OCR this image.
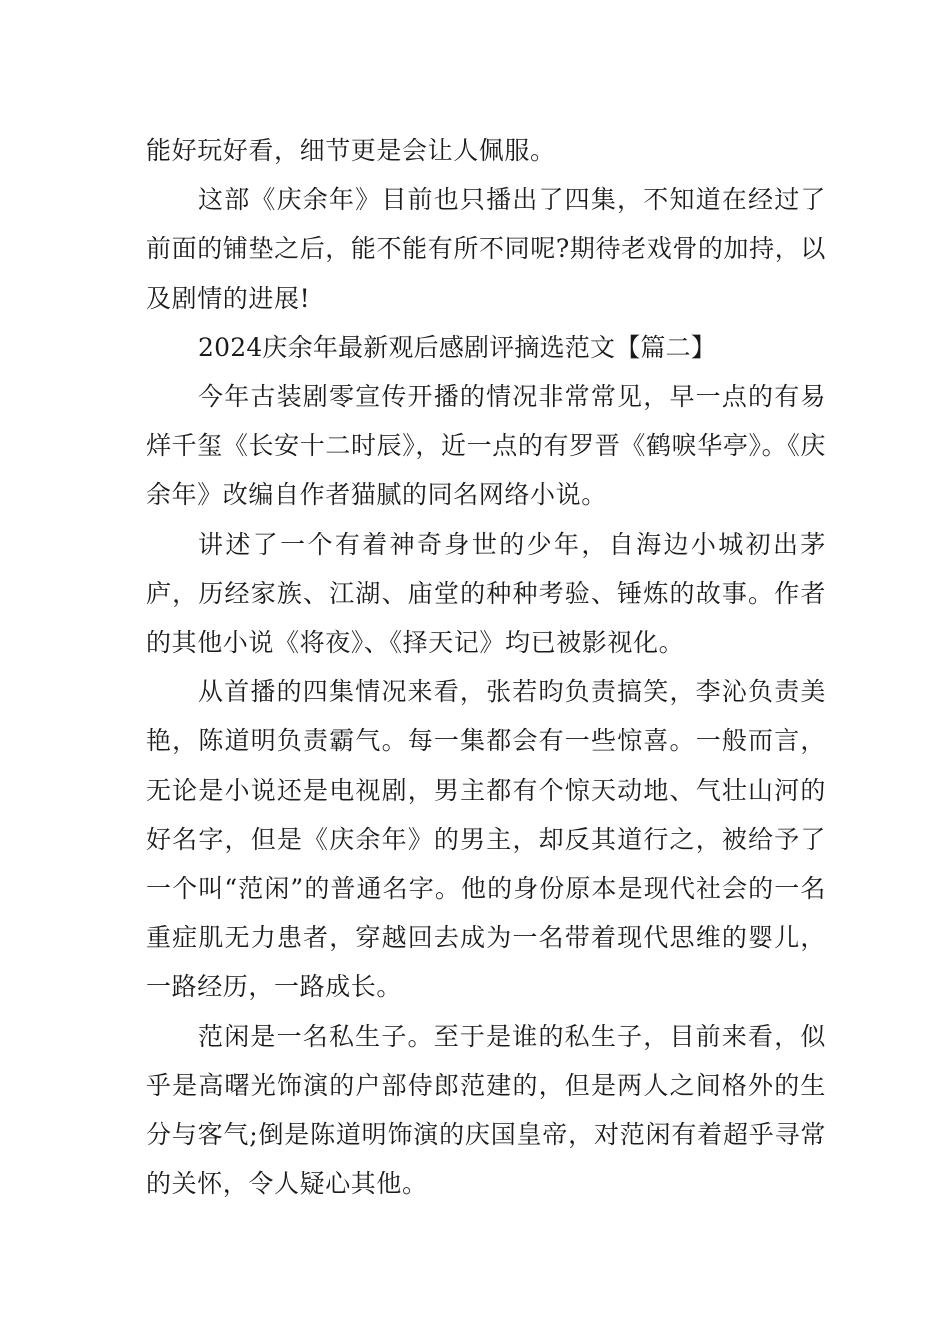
能好玩好看，细节更是会让人佩服。

这部《庆余年》目前也只播出了四集，不知道在经过了前面的铺垫之后，能不能有所不同呢?期待老戏骨的加持，以及剧情的进展!

2024庆余年最新观后感剧评摘选范文【篇二】

今年古装剧零宣传开播的情况非常常见，早一点的有易烊千玺《长安十二时辰》，近一点的有罗晋《鹤唳华亭》。《庆余年》改编自作者猫腻的同名网络小说。

讲述了一个有着神奇身世的少年，自海边小城初出茅庐，历经家族、江湖、庙堂的种种考验、锤炼的故事。作者的其他小说《将夜》、《择天记》均已被影视化。

从首播的四集情况来看，张若昀负责搞笑，李沁负责美艳，陈道明负责霸气。每一集都会有一些惊喜。一般而言，无论是小说还是电视剧，男主都有个惊天动地、气壮山河的好名字，但是《庆余年》的男主，却反其道行之，被给予了一个叫“范闲”的普通名字。他的身份原本是现代社会的一名重症肌无力患者，穿越回去成为一名带着现代思维的婴儿，一路经历，一路成长。

范闲是一名私生子。至于是谁的私生子，目前来看，似乎是高曙光饰演的户部侍郎范建的，但是两人之间格外的生分与客气;倒是陈道明饰演的庆国皇帝，对范闲有着超乎寻常的关怀，令人疑心其他。
